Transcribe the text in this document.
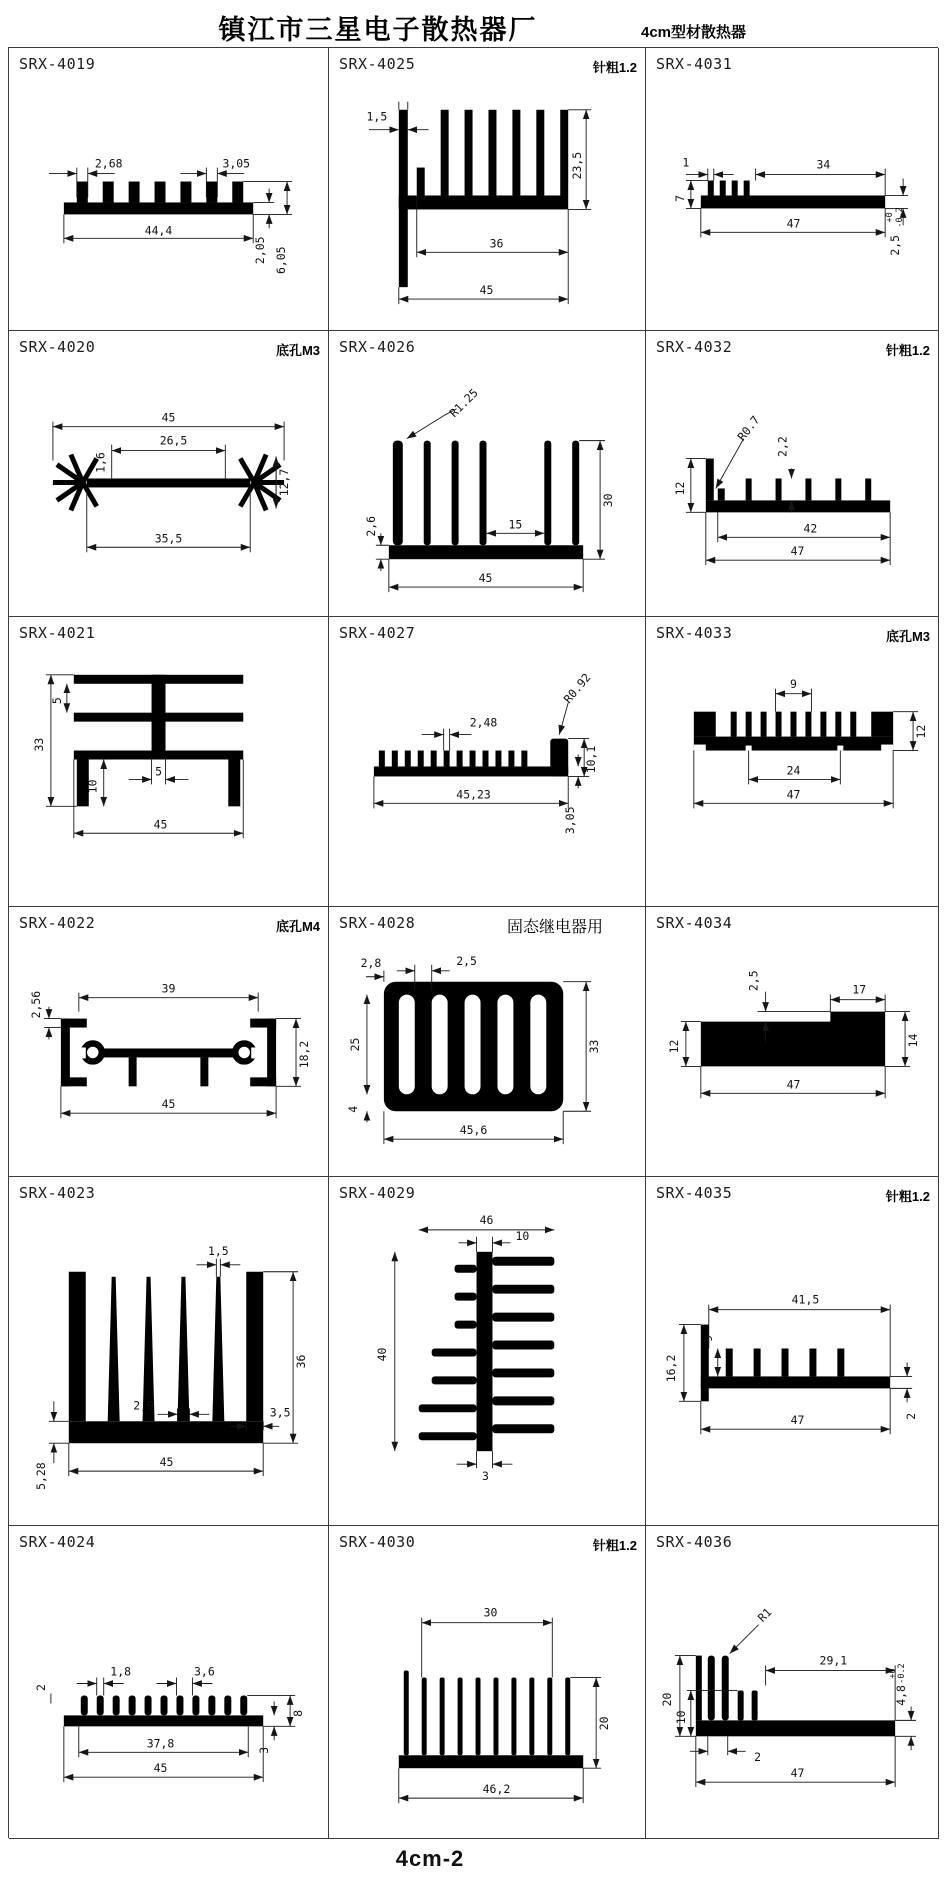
镇江市三星电子散热器厂	4cm型材散热器
SRX-4019
2,68	3,05
44,4
2,05 6,05
SRX-4025	针粗1.2
1,5
36
45
23,5
SRX-4031
1	34
7
47
2,5
+0 -0.2
SRX-4020	底孔M3
45
26,5
1,6
35,5
12,7
SRX-4026
R1.25
2,6	15
30
45
SRX-4032	针粗1.2
R0.7
2,2
12
42
47
SRX-4021
33
5
10
5
45
SRX-4027
2,48
R0.92
10,1
45,23
3,05
SRX-4033	底孔M3
9
24
47
12
SRX-4022	底孔M4
2,56
39
45
18,2
SRX-4028	固态继电器用
2,8	2,5
25
4
45,6
33
SRX-4034
2,5	17
12	14
47
SRX-4023
1,5
2,9	3,5
36
5,28
45
SRX-4029
46
10
40
3
SRX-4035	针粗1.2
41,5
9
16,2
47	2
SRX-4024
1,8	3,6
2
37,8
45
8
3
SRX-4030	针粗1.2
30
20
46,2
SRX-4036
R1
20
10
29,1
4,8
+0
-0.2
2
47
4cm-2
